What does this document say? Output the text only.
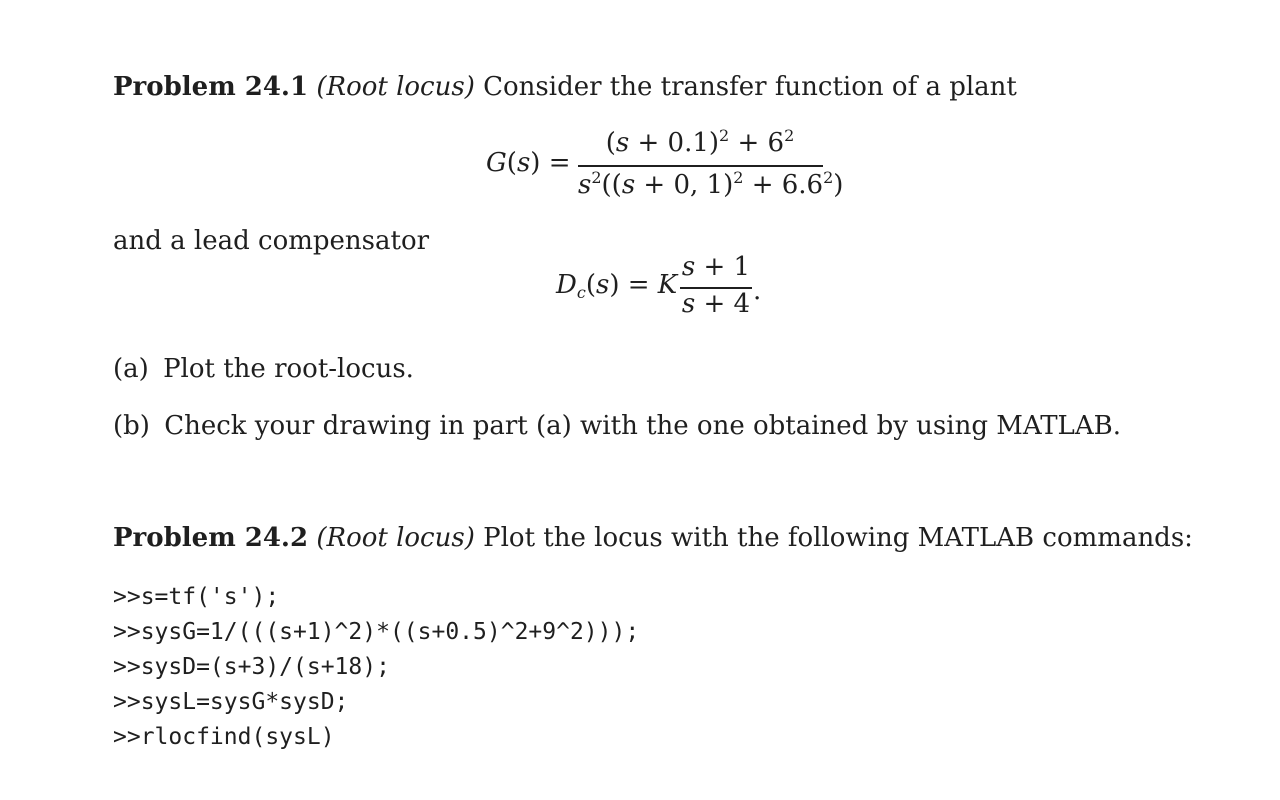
Problem 24.1 (Root locus) Consider the transfer function of a plant
G(s) =
$(s + 0.1)^2 + 6^2$
$s^2((s + 0$, $1)^2 + 6.6^2$)
and a lead compensator
Dc(s) = K
s + 1
s + 4 .
(a) Plot the root-locus.
(b) Check your drawing in part (a) with the one obtained by using MATLAB.
Problem 24.2 (Root locus) Plot the locus with the following MATLAB commands:
>>s=tf('s');
>>sysG=1/(((s+1)^2)*((s+0.5)^2+9^2)));
>>sysD=(s+3)/(s+18);
>>sysL=sysG*sysD;
>>rlocfind(sysL)
